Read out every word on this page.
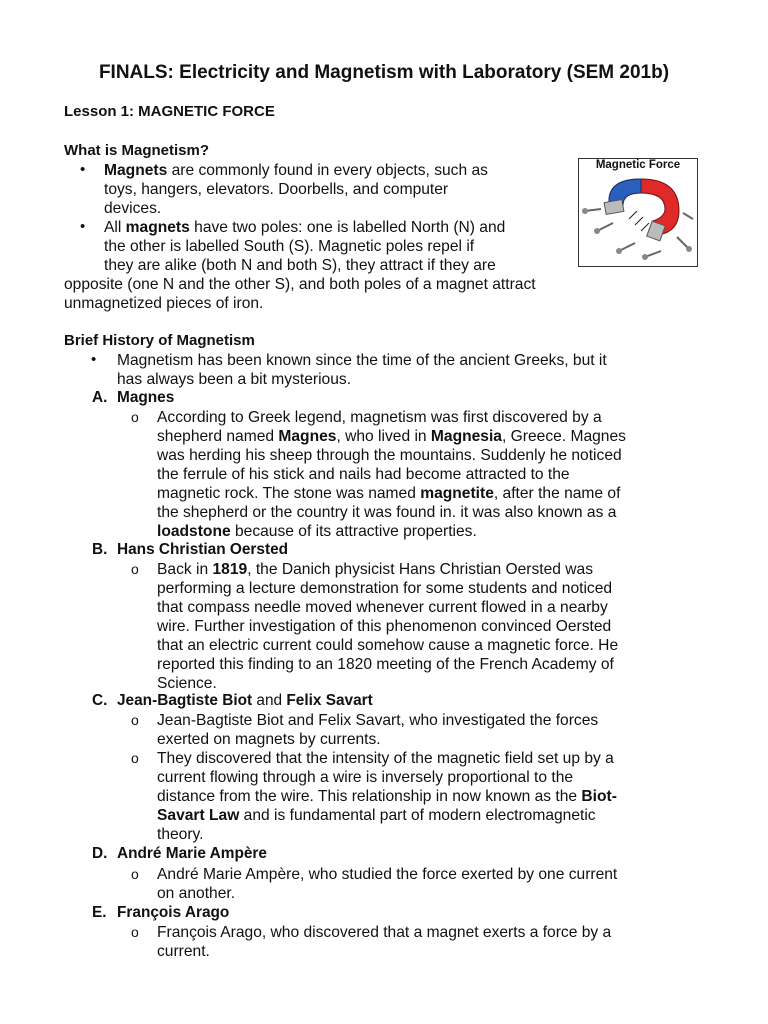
FINALS: Electricity and Magnetism with Laboratory (SEM 201b)
Lesson 1: MAGNETIC FORCE
What is Magnetism?
• Magnets are commonly found in every objects, such as
toys, hangers, elevators. Doorbells, and computer
devices.
• All magnets have two poles: one is labelled North (N) and
the other is labelled South (S). Magnetic poles repel if
they are alike (both N and both S), they attract if they are
opposite (one N and the other S), and both poles of a magnet attract
unmagnetized pieces of iron.
Magnetic Force
Brief History of Magnetism
• Magnetism has been known since the time of the ancient Greeks, but it
has always been a bit mysterious.
A. Magnes
o According to Greek legend, magnetism was first discovered by a
shepherd named Magnes, who lived in Magnesia, Greece. Magnes
was herding his sheep through the mountains. Suddenly he noticed
the ferrule of his stick and nails had become attracted to the
magnetic rock. The stone was named magnetite, after the name of
the shepherd or the country it was found in. it was also known as a
loadstone because of its attractive properties.
B. Hans Christian Oersted
o Back in 1819, the Danich physicist Hans Christian Oersted was
performing a lecture demonstration for some students and noticed
that compass needle moved whenever current flowed in a nearby
wire. Further investigation of this phenomenon convinced Oersted
that an electric current could somehow cause a magnetic force. He
reported this finding to an 1820 meeting of the French Academy of
Science.
C. Jean-Bagtiste Biot and Felix Savart
o Jean-Bagtiste Biot and Felix Savart, who investigated the forces
exerted on magnets by currents.
o They discovered that the intensity of the magnetic field set up by a
current flowing through a wire is inversely proportional to the
distance from the wire. This relationship in now known as the Biot-
Savart Law and is fundamental part of modern electromagnetic
theory.
D. André Marie Ampère
o André Marie Ampère, who studied the force exerted by one current
on another.
E. François Arago
o François Arago, who discovered that a magnet exerts a force by a
current.
